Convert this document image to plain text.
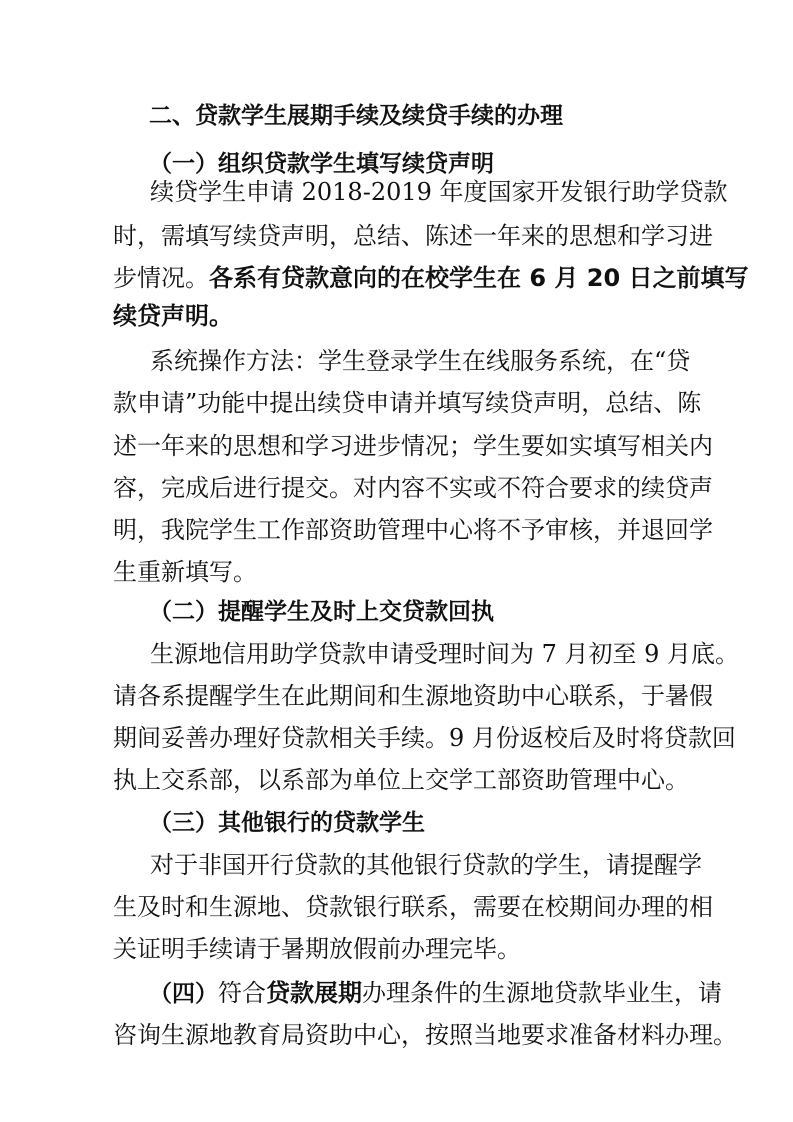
二、贷款学生展期手续及续贷手续的办理
（一）组织贷款学生填写续贷声明
续贷学生申请 2018-2019 年度国家开发银行助学贷款
时，需填写续贷声明，总结、陈述一年来的思想和学习进
步情况。各系有贷款意向的在校学生在 6 月 20 日之前填写
续贷声明。
系统操作方法：学生登录学生在线服务系统，在“贷
款申请”功能中提出续贷申请并填写续贷声明，总结、陈
述一年来的思想和学习进步情况；学生要如实填写相关内
容，完成后进行提交。对内容不实或不符合要求的续贷声
明，我院学生工作部资助管理中心将不予审核，并退回学
生重新填写。
（二）提醒学生及时上交贷款回执
生源地信用助学贷款申请受理时间为 7 月初至 9 月底。
请各系提醒学生在此期间和生源地资助中心联系，于暑假
期间妥善办理好贷款相关手续。9 月份返校后及时将贷款回
执上交系部，以系部为单位上交学工部资助管理中心。
（三）其他银行的贷款学生
对于非国开行贷款的其他银行贷款的学生，请提醒学
生及时和生源地、贷款银行联系，需要在校期间办理的相
关证明手续请于暑期放假前办理完毕。
（四）符合贷款展期办理条件的生源地贷款毕业生，请
咨询生源地教育局资助中心，按照当地要求准备材料办理。
